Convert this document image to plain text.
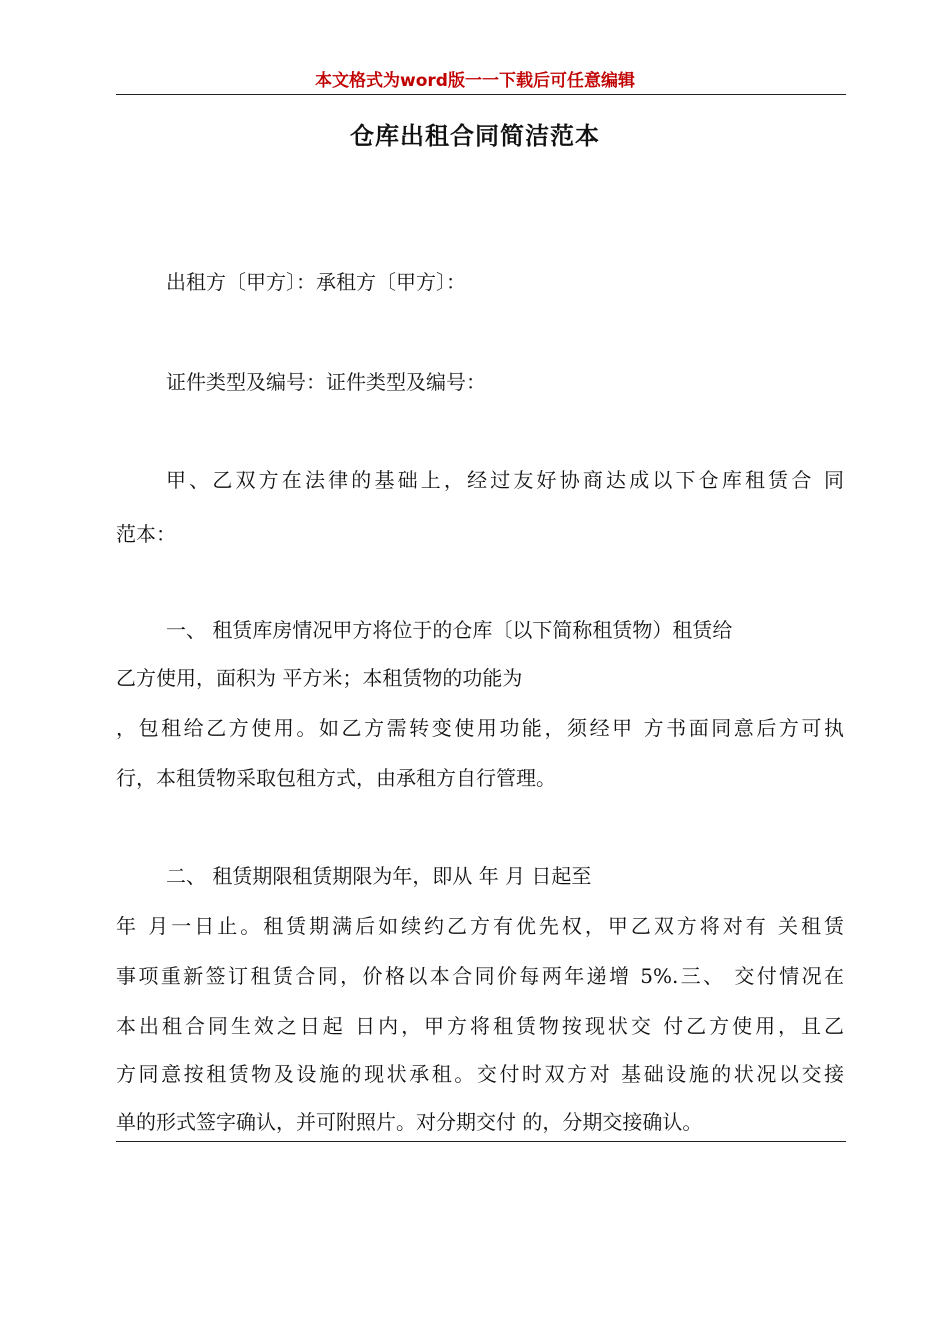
本文格式为word版一一下载后可任意编辑
仓库出租合同简洁范本
出租方〔甲方〕：承租方〔甲方〕：
证件类型及编号：证件类型及编号：
甲、乙双方在法律的基础上，经过友好协商达成以下仓库租赁合 同
范本：
一、 租赁库房情况甲方将位于的仓库〔以下简称租赁物）租赁给
乙方使用，面积为 平方米；本租赁物的功能为
，包租给乙方使用。如乙方需转变使用功能，须经甲 方书面同意后方可执
行，本租赁物采取包租方式，由承租方自行管理。
二、 租赁期限租赁期限为年，即从 年 月 日起至
年 月一日止。租赁期满后如续约乙方有优先权，甲乙双方将对有 关租赁
事项重新签订租赁合同，价格以本合同价每两年递增 5%.三、 交付情况在
本出租合同生效之日起 日内，甲方将租赁物按现状交 付乙方使用，且乙
方同意按租赁物及设施的现状承租。交付时双方对 基础设施的状况以交接
单的形式签字确认，并可附照片。对分期交付 的，分期交接确认。
